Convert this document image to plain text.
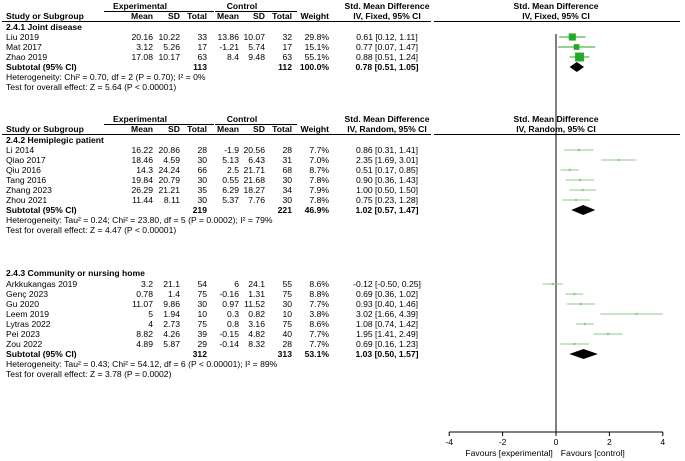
Experimental	Control	Std. Mean Difference	Std. Mean Difference
Study or Subgroup	Mean SD Total Mean SD Total Weight	IV, Fixed, 95% CI	IV, Fixed, 95% CI
2.4.1 Joint disease
Liu 2019	20.16 10.22 33 13.86 10.07 32 29.8%	0.61 [0.12, 1.11]
Mat 2017	3.12 5.26 17 -1.21 5.74 17 15.1%	0.77 [0.07, 1.47]
Zhao 2019	17.08 10.17 63 8.4 9.48 63 55.1%	0.88 [0.51, 1.24]
Subtotal (95% CI)	113	112 100.0%	0.78 [0.51, 1.05]
Heterogeneity: Chi² = 0.70, df = 2 (P = 0.70); I² = 0%
Test for overall effect: Z = 5.64 (P < 0.00001)
Experimental	Control	Std. Mean Difference	Std. Mean Difference
Study or Subgroup	Mean SD Total Mean SD Total Weight	IV, Random, 95% CI	IV, Random, 95% CI
2.4.2 Hemiplegic patient
Li 2014	16.22 20.86 28 -1.9 20.56 28 7.7%	0.86 [0.31, 1.41]
Qiao 2017	18.46 4.59 30 5.13 6.43 31 7.0%	2.35 [1.69, 3.01]
Qiu 2016	14.3 24.24 66 2.5 21.71 68 8.7%	0.51 [0.17, 0.85]
Tang 2016	19.84 20.79 30 0.55 21.68 30 7.8%	0.90 [0.36, 1.43]
Zhang 2023	26.29 21.21 35 6.29 18.27 34 7.9%	1.00 [0.50, 1.50]
Zhou 2021	11.44 8.11 30 5.37 7.76 30 7.8%	0.75 [0.23, 1.28]
Subtotal (95% CI)	219	221 46.9%	1.02 [0.57, 1.47]
Heterogeneity: Tau² = 0.24; Chi² = 23.80, df = 5 (P = 0.0002); I² = 79%
Test for overall effect: Z = 4.47 (P < 0.00001)
2.4.3 Community or nursing home
Arkkukangas 2019	3.2 21.1 54	6 24.1 55 8.6%	-0.12 [-0.50, 0.25]
Genç 2023	0.78 1.4 75 -0.16 1.31 75 8.8%	0.69 [0.36, 1.02]
Gu 2020	11.07 9.86 30 0.97 11.52 30 7.7%	0.93 [0.40, 1.46]
Leem 2019	5 1.94 10 0.3 0.82 10 3.8%	3.02 [1.66, 4.39]
Lytras 2022	4 2.73 75 0.8 3.16 75 8.6%	1.08 [0.74, 1.42]
Pei 2023	8.82 4.26 39 -0.15 4.82 40 7.7%	1.95 [1.41, 2.49]
Zou 2022	4.89 5.87 29 -0.14 8.32 28 7.7%	0.69 [0.16, 1.23]
Subtotal (95% CI)	312	313 53.1%	1.03 [0.50, 1.57]
Heterogeneity: Tau² = 0.43; Chi² = 54.12, df = 6 (P < 0.00001); I² = 89%
Test for overall effect: Z = 3.78 (P = 0.0002)
-4	-2	0	2	4
Favours [experimental] Favours [control]
